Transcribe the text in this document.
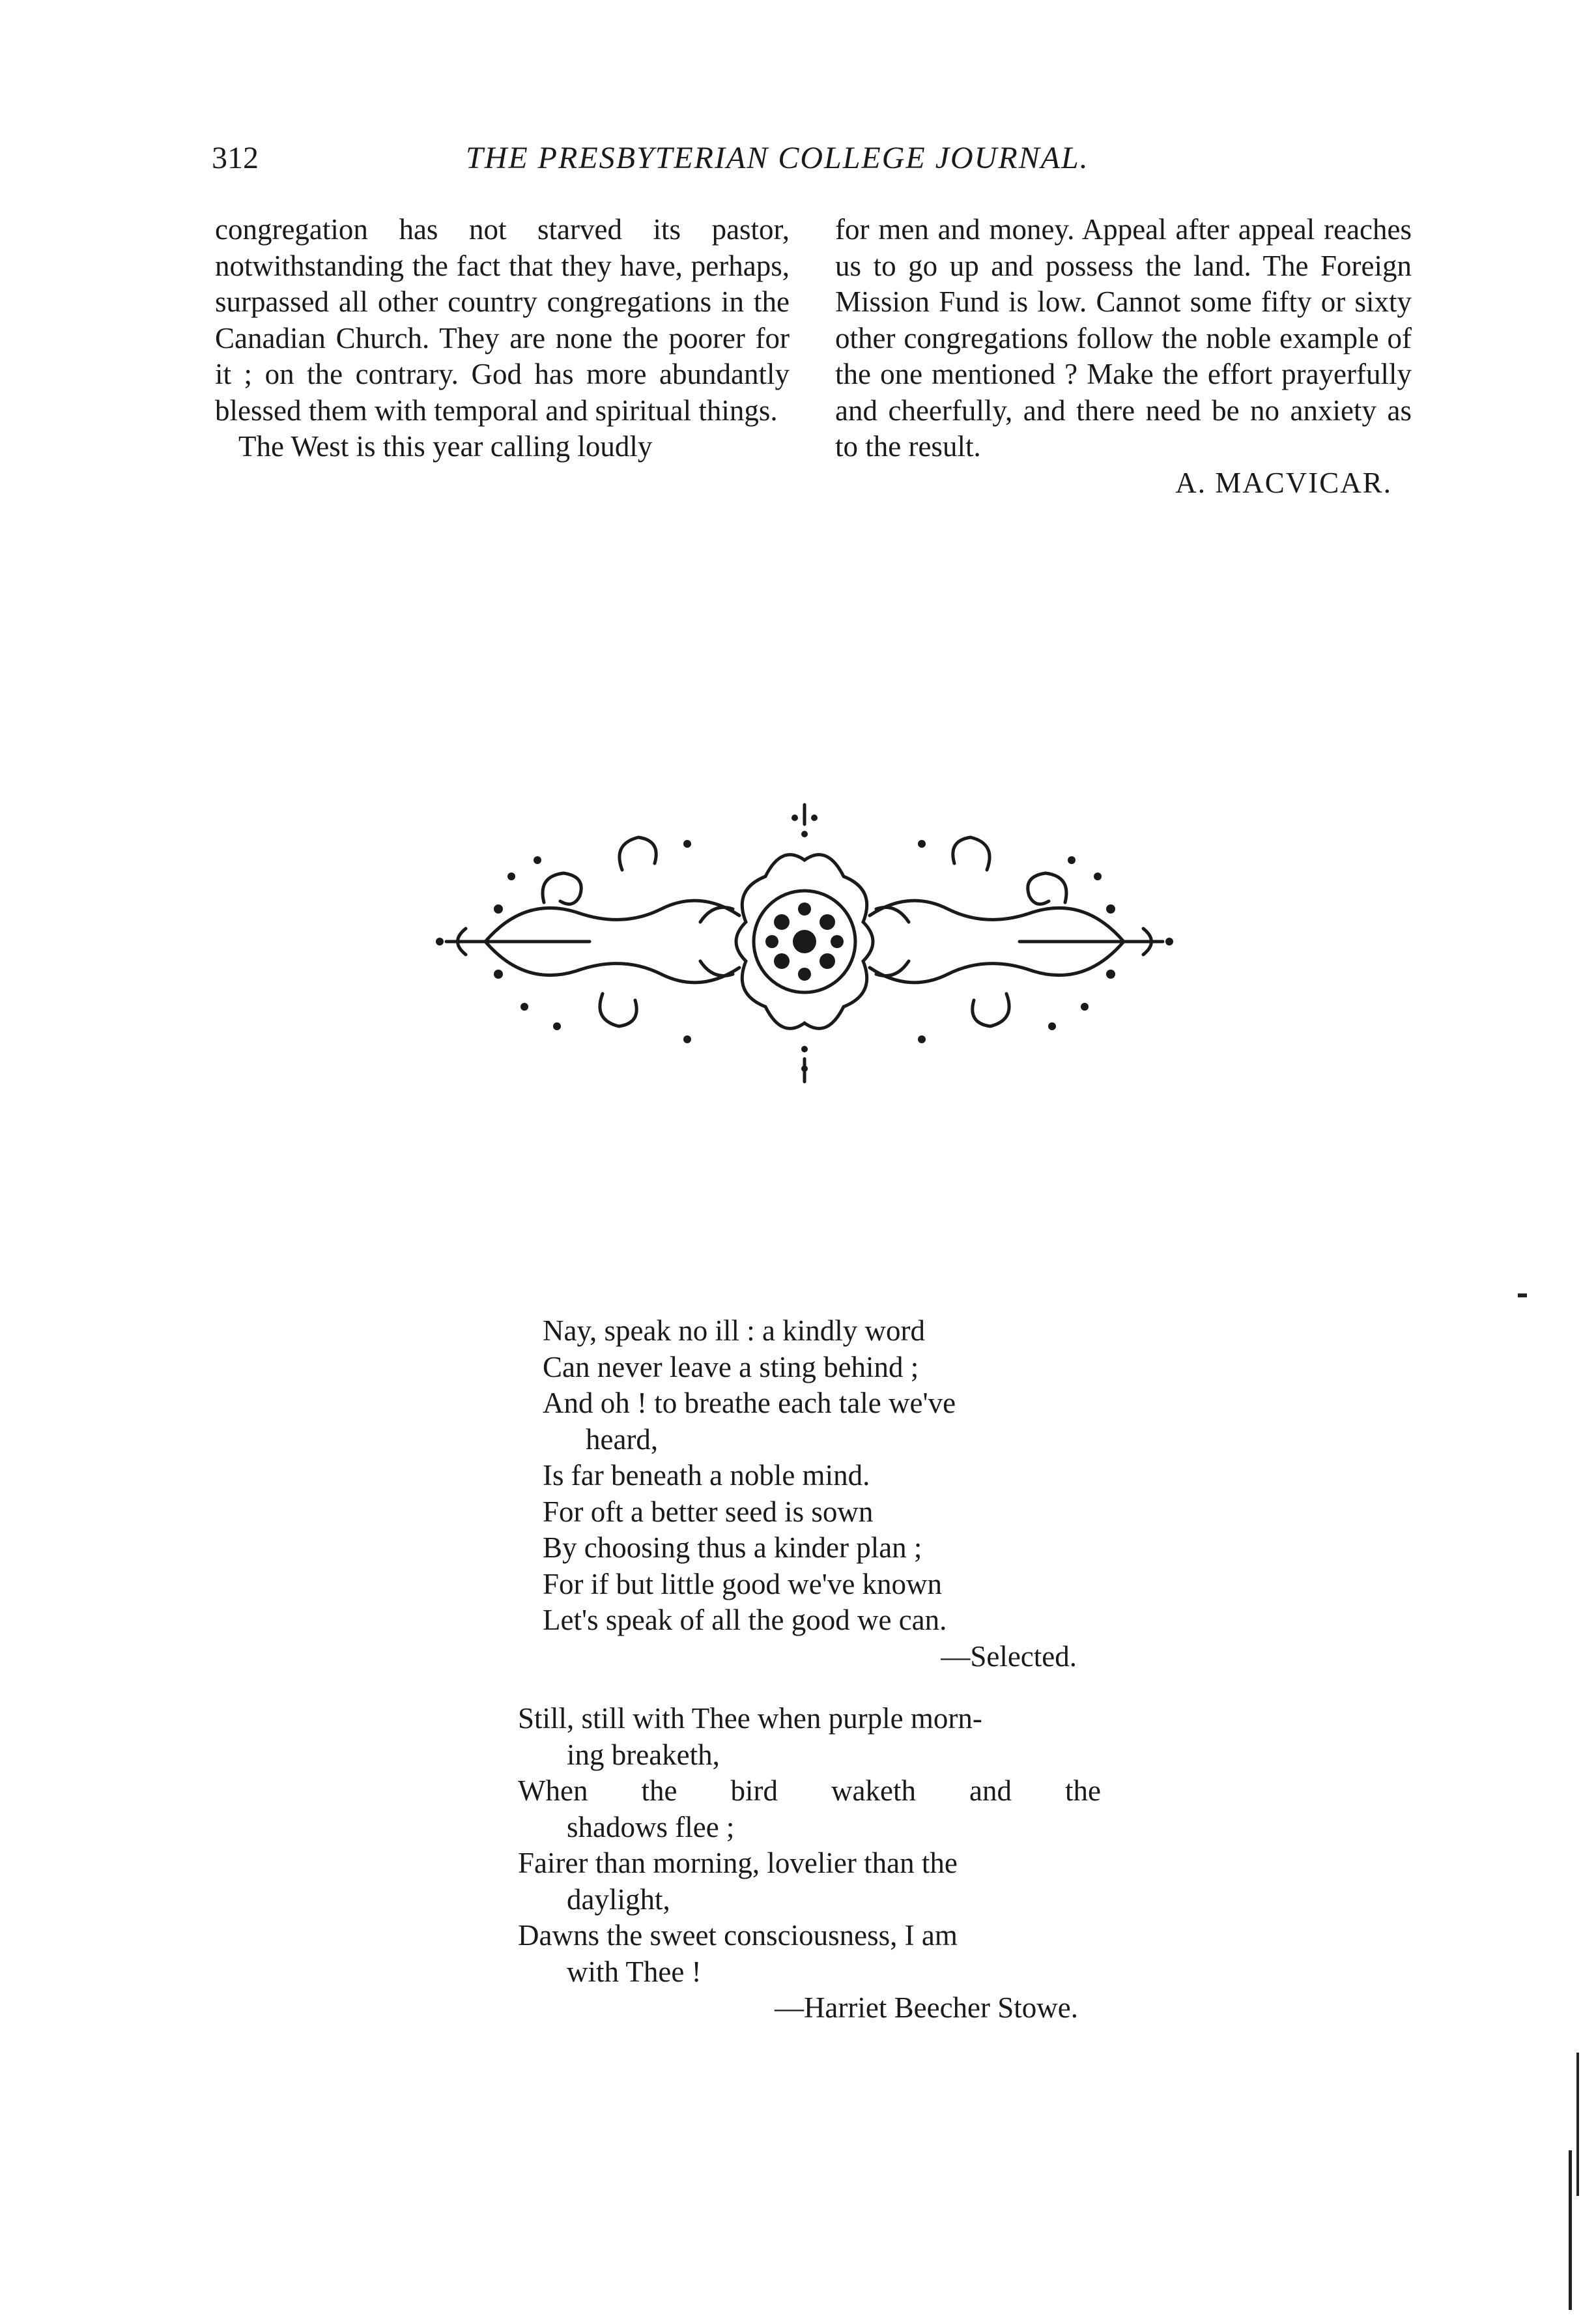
312	THE PRESBYTERIAN COLLEGE JOURNAL.

congregation has not starved its pastor, notwithstanding the fact that they have, perhaps, surpassed all other country congregations in the Canadian Church. They are none the poorer for it ; on the contrary. God has more abundantly blessed them with temporal and spiritual things.

The West is this year calling loudly

for men and money. Appeal after appeal reaches us to go up and possess the land. The Foreign Mission Fund is low. Cannot some fifty or sixty other congregations follow the noble example of the one mentioned ? Make the effort prayerfully and cheerfully, and there need be no anxiety as to the result.

A. MACVICAR.

Nay, speak no ill : a kindly word
Can never leave a sting behind ;
And oh ! to breathe each tale we've
heard,
Is far beneath a noble mind.
For oft a better seed is sown
By choosing thus a kinder plan ;
For if but little good we've known
Let's speak of all the good we can.
—Selected.
Still, still with Thee when purple morn-
ing breaketh,
When the bird waketh and the
shadows flee ;
Fairer than morning, lovelier than the
daylight,
Dawns the sweet consciousness, I am
with Thee !
—Harriet Beecher Stowe.
